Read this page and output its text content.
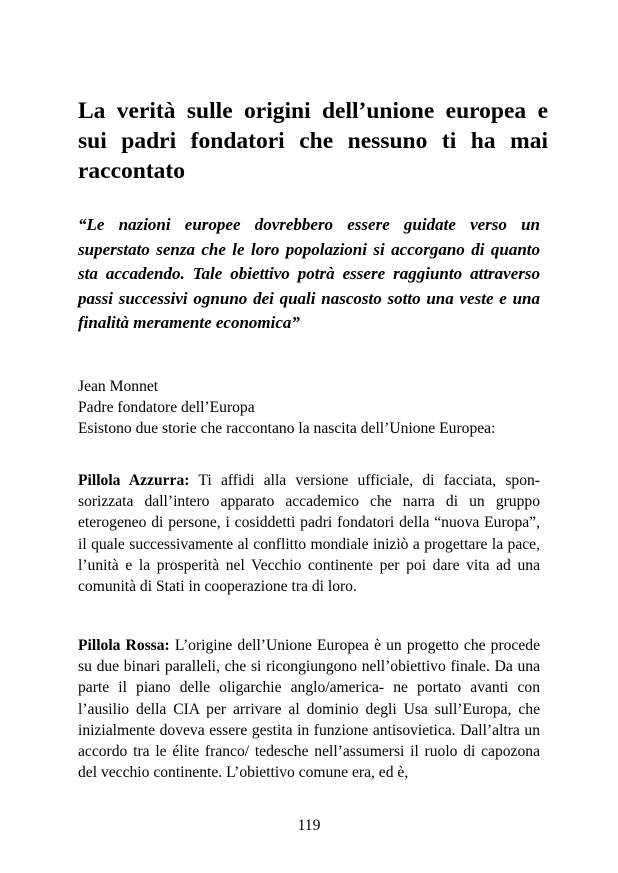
La verità sulle origini dell’unione europea e sui padri fondatori che nessuno ti ha mai raccontato

“Le nazioni europee dovrebbero essere guidate verso un superstato senza che le loro popolazioni si accorgano di quanto sta accadendo. Tale obiettivo potrà essere raggiunto attraverso passi successivi ognuno dei quali nascosto sotto una veste e una finalità meramente economica”

Jean Monnet
Padre fondatore dell’Europa
Esistono due storie che raccontano la nascita dell’Unione Europea:

Pillola Azzurra: Ti affidi alla versione ufficiale, di facciata, spon- sorizzata dall’intero apparato accademico che narra di un gruppo eterogeneo di persone, i cosiddetti padri fondatori della “nuova Europa”, il quale successivamente al conflitto mondiale iniziò a progettare la pace, l’unità e la prosperità nel Vecchio continente per poi dare vita ad una comunità di Stati in cooperazione tra di loro.

Pillola Rossa: L’origine dell’Unione Europea è un progetto che procede su due binari paralleli, che si ricongiungono nell’obiettivo finale. Da una parte il piano delle oligarchie anglo/america- ne portato avanti con l’ausilio della CIA per arrivare al dominio degli Usa sull’Europa, che inizialmente doveva essere gestita in funzione antisovietica. Dall’altra un accordo tra le élite franco/ tedesche nell’assumersi il ruolo di capozona del vecchio continente. L’obiettivo comune era, ed è,

119
